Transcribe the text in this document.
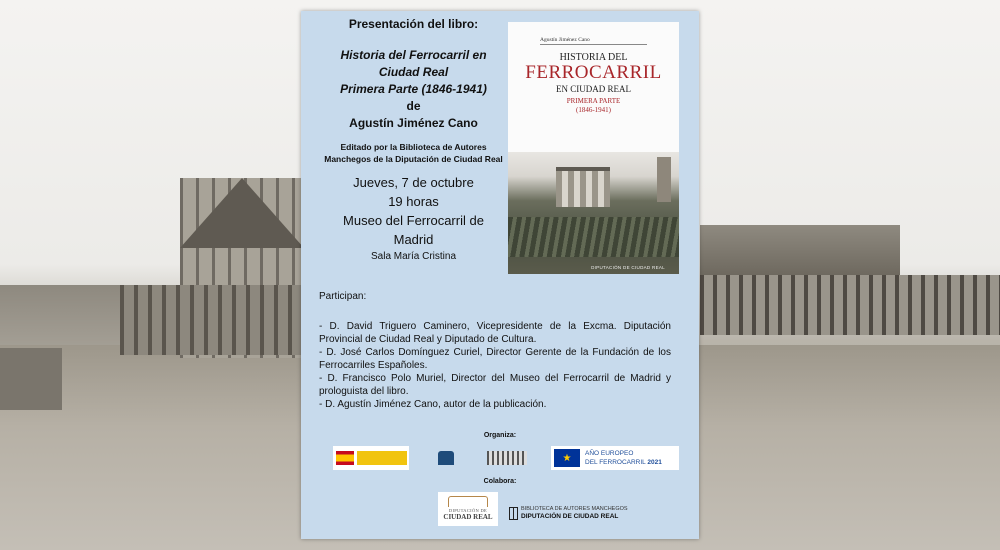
Presentación del libro:
Historia del Ferrocarril en
Ciudad Real
Primera Parte (1846-1941)
de
Agustín Jiménez Cano
Editado por la Biblioteca de Autores
Manchegos de la Diputación de Ciudad Real
Jueves, 7 de octubre
19 horas
Museo del Ferrocarril de
Madrid
Sala María Cristina
Agustín Jiménez Cano
HISTORIA DEL
FERROCARRIL
EN CIUDAD REAL
PRIMERA PARTE
(1846-1941)
DIPUTACIÓN DE CIUDAD REAL
Participan:
- D. David Triguero Caminero, Vicepresidente de la Excma. Diputación Provincial de Ciudad Real y Diputado de Cultura.
- D. José Carlos Domínguez Curiel, Director Gerente de la Fundación de los Ferrocarriles Españoles.
- D. Francisco Polo Muriel, Director del Museo del Ferrocarril de Madrid y prologuista del libro.
- D. Agustín Jiménez Cano, autor de la publicación.
Organiza:
★	AÑO EUROPEO
DEL FERROCARRIL 2021
Colabora:
DIPUTACIÓN DE
CIUDAD REAL
BIBLIOTECA DE AUTORES MANCHEGOS
DIPUTACIÓN DE CIUDAD REAL
